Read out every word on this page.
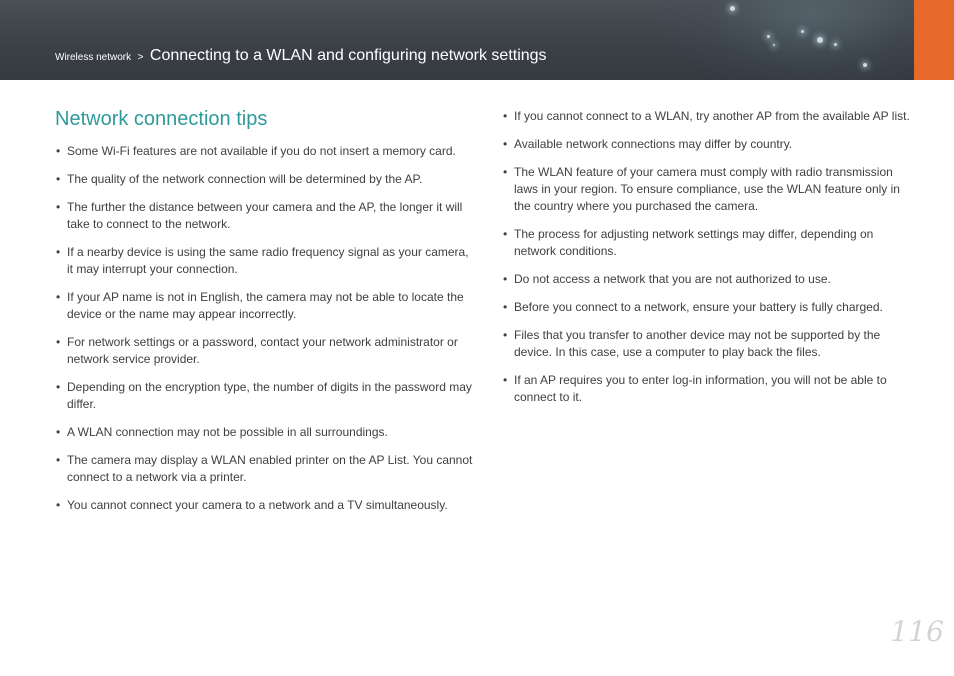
Wireless network > Connecting to a WLAN and configuring network settings
Network connection tips
• Some Wi-Fi features are not available if you do not insert a memory card.
• The quality of the network connection will be determined by the AP.
• The further the distance between your camera and the AP, the longer it will take to connect to the network.
• If a nearby device is using the same radio frequency signal as your camera, it may interrupt your connection.
• If your AP name is not in English, the camera may not be able to locate the device or the name may appear incorrectly.
• For network settings or a password, contact your network administrator or network service provider.
• Depending on the encryption type, the number of digits in the password may differ.
• A WLAN connection may not be possible in all surroundings.
• The camera may display a WLAN enabled printer on the AP List. You cannot connect to a network via a printer.
• You cannot connect your camera to a network and a TV simultaneously.
• If you cannot connect to a WLAN, try another AP from the available AP list.
• Available network connections may differ by country.
• The WLAN feature of your camera must comply with radio transmission laws in your region. To ensure compliance, use the WLAN feature only in the country where you purchased the camera.
• The process for adjusting network settings may differ, depending on network conditions.
• Do not access a network that you are not authorized to use.
• Before you connect to a network, ensure your battery is fully charged.
• Files that you transfer to another device may not be supported by the device. In this case, use a computer to play back the files.
• If an AP requires you to enter log-in information, you will not be able to connect to it.
116
